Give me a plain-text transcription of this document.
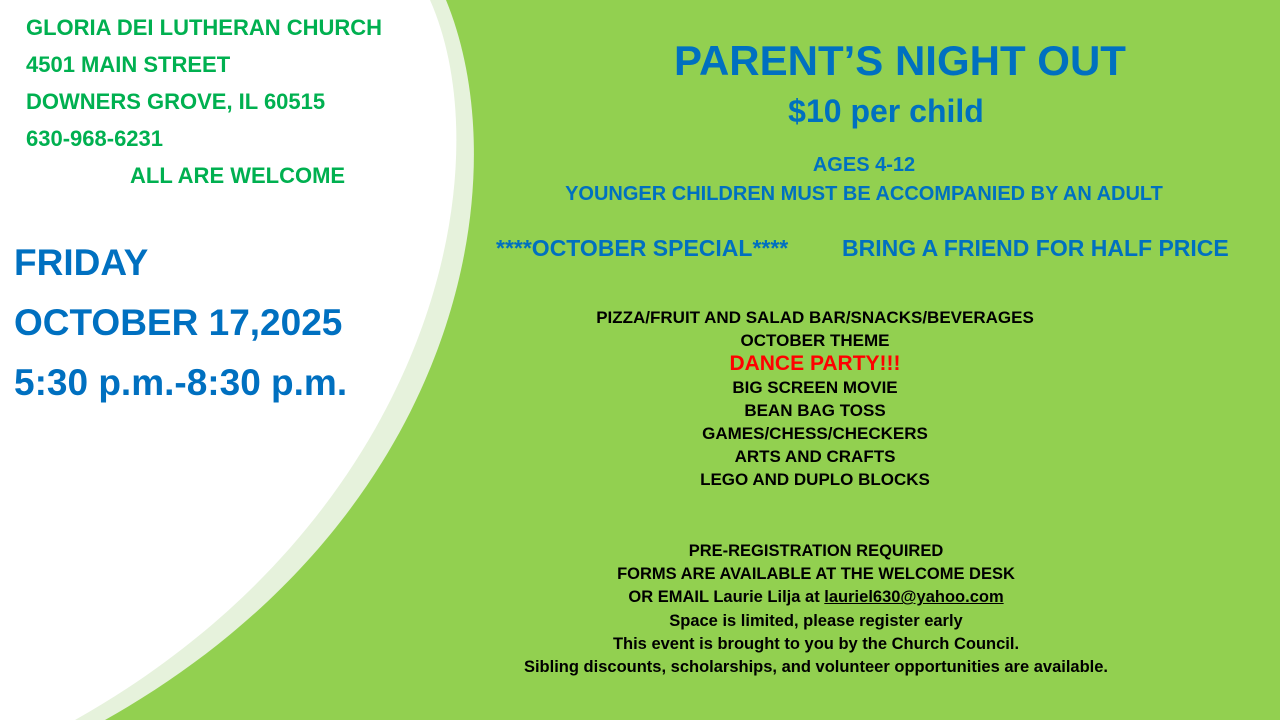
GLORIA DEI LUTHERAN CHURCH
4501 MAIN STREET
DOWNERS GROVE, IL 60515
630-968-6231
ALL ARE WELCOME
FRIDAY
OCTOBER 17,2025
5:30 p.m.-8:30 p.m.
PARENT’S NIGHT OUT
$10 per child
AGES 4-12
YOUNGER CHILDREN MUST BE ACCOMPANIED BY AN ADULT
****OCTOBER SPECIAL**** BRING A FRIEND FOR HALF PRICE
PIZZA/FRUIT AND SALAD BAR/SNACKS/BEVERAGES
OCTOBER THEME
DANCE PARTY!!!
BIG SCREEN MOVIE
BEAN BAG TOSS
GAMES/CHESS/CHECKERS
ARTS AND CRAFTS
LEGO AND DUPLO BLOCKS
PRE-REGISTRATION REQUIRED
FORMS ARE AVAILABLE AT THE WELCOME DESK
OR EMAIL Laurie Lilja at lauriel630@yahoo.com
Space is limited, please register early
This event is brought to you by the Church Council.
Sibling discounts, scholarships, and volunteer opportunities are available.
